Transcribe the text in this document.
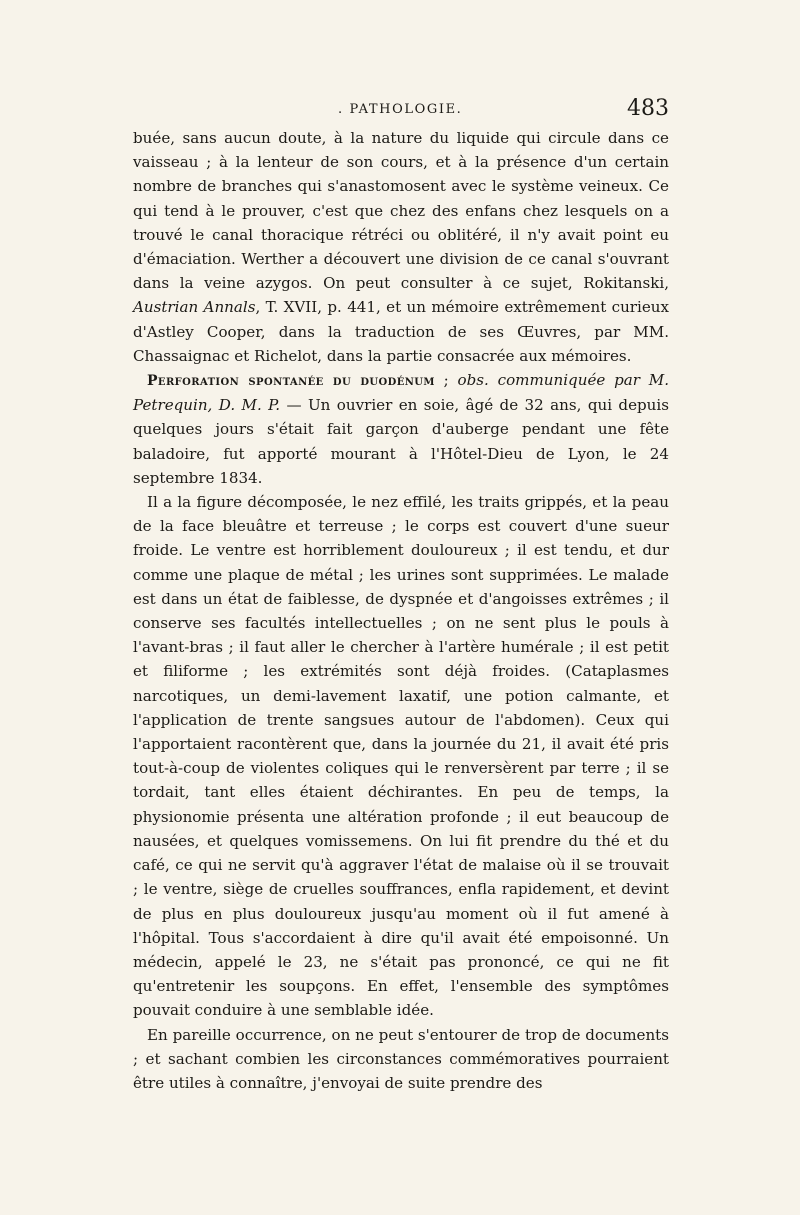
. PATHOLOGIE.	483

buée, sans aucun doute, à la nature du liquide qui circule dans ce vaisseau ; à la lenteur de son cours, et à la présence d'un certain nombre de branches qui s'anastomosent avec le système veineux. Ce qui tend à le prouver, c'est que chez des enfans chez lesquels on a trouvé le canal thoracique rétréci ou oblitéré, il n'y avait point eu d'émaciation. Werther a découvert une division de ce canal s'ouvrant dans la veine azygos. On peut consulter à ce sujet, Rokitanski, Austrian Annals, T. XVII, p. 441, et un mémoire extrêmement curieux d'Astley Cooper, dans la traduction de ses Œuvres, par MM. Chassaignac et Richelot, dans la partie consacrée aux mémoires.

Perforation spontanée du duodénum ; obs. communiquée par M. Petrequin, D. M. P. — Un ouvrier en soie, âgé de 32 ans, qui depuis quelques jours s'était fait garçon d'auberge pendant une fête baladoire, fut apporté mourant à l'Hôtel-Dieu de Lyon, le 24 septembre 1834.

Il a la figure décomposée, le nez effilé, les traits grippés, et la peau de la face bleuâtre et terreuse ; le corps est couvert d'une sueur froide. Le ventre est horriblement douloureux ; il est tendu, et dur comme une plaque de métal ; les urines sont supprimées. Le malade est dans un état de faiblesse, de dyspnée et d'angoisses extrêmes ; il conserve ses facultés intellectuelles ; on ne sent plus le pouls à l'avant-bras ; il faut aller le chercher à l'artère humérale ; il est petit et filiforme ; les extrémités sont déjà froides. (Cataplasmes narcotiques, un demi-lavement laxatif, une potion calmante, et l'application de trente sangsues autour de l'abdomen). Ceux qui l'apportaient racontèrent que, dans la journée du 21, il avait été pris tout-à-coup de violentes coliques qui le renversèrent par terre ; il se tordait, tant elles étaient déchirantes. En peu de temps, la physionomie présenta une altération profonde ; il eut beaucoup de nausées, et quelques vomissemens. On lui fit prendre du thé et du café, ce qui ne servit qu'à aggraver l'état de malaise où il se trouvait ; le ventre, siège de cruelles souffrances, enfla rapidement, et devint de plus en plus douloureux jusqu'au moment où il fut amené à l'hôpital. Tous s'accordaient à dire qu'il avait été empoisonné. Un médecin, appelé le 23, ne s'était pas prononcé, ce qui ne fit qu'entretenir les soupçons. En effet, l'ensemble des symptômes pouvait conduire à une semblable idée.

En pareille occurrence, on ne peut s'entourer de trop de documents ; et sachant combien les circonstances commémoratives pourraient être utiles à connaître, j'envoyai de suite prendre des
